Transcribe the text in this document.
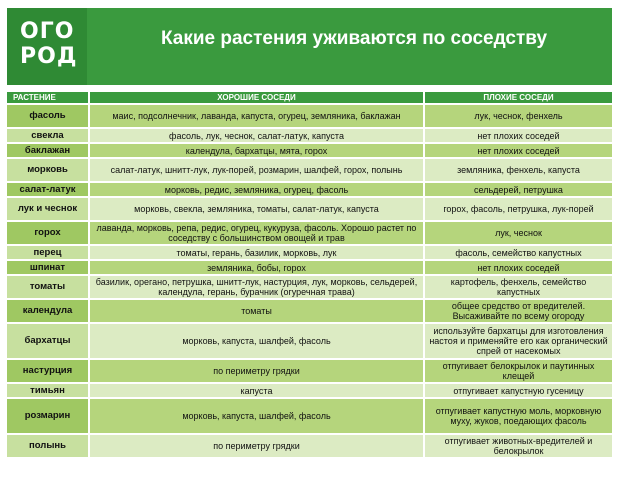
ОГО
РОД
Какие растения уживаются по соседству
РАСТЕНИЕ	ХОРОШИЕ СОСЕДИ	ПЛОХИЕ СОСЕДИ
фасоль	маис, подсолнечник, лаванда, капуста, огурец, земляника, баклажан	лук, чеснок, фенхель
свекла	фасоль, лук, чеснок, салат-латук, капуста	нет плохих соседей
баклажан	календула, бархатцы, мята, горох	нет плохих соседей
морковь	салат-латук, шнитт-лук, лук-порей, розмарин, шалфей, горох, полынь	земляника, фенхель, капуста
салат-латук	морковь, редис, земляника, огурец, фасоль	сельдерей, петрушка
лук и чеснок	морковь, свекла, земляника, томаты, салат-латук, капуста	горох, фасоль, петрушка, лук-порей
горох	лаванда, морковь, репа, редис, огурец, кукуруза, фасоль. Хорошо растет по соседству с большинством овощей и трав	лук, чеснок
перец	томаты, герань, базилик, морковь, лук	фасоль, семейство капустных
шпинат	земляника, бобы, горох	нет плохих соседей
томаты	базилик, орегано, петрушка, шнитт-лук, настурция, лук, морковь, сельдерей, календула, герань, бурачник (огуречная трава)	картофель, фенхель, семейство капустных
календула	томаты	общее средство от вредителей. Высаживайте по всему огороду
бархатцы	морковь, капуста, шалфей, фасоль	используйте бархатцы для изготовления настоя и применяйте его как органический спрей от насекомых
настурция	по периметру грядки	отпугивает белокрылок и паутинных клещей
тимьян	капуста	отпугивает капустную гусеницу
розмарин	морковь, капуста, шалфей, фасоль	отпугивает капустную моль, морковную муху, жуков, поедающих фасоль
полынь	по периметру грядки	отпугивает животных-вредителей и белокрылок
